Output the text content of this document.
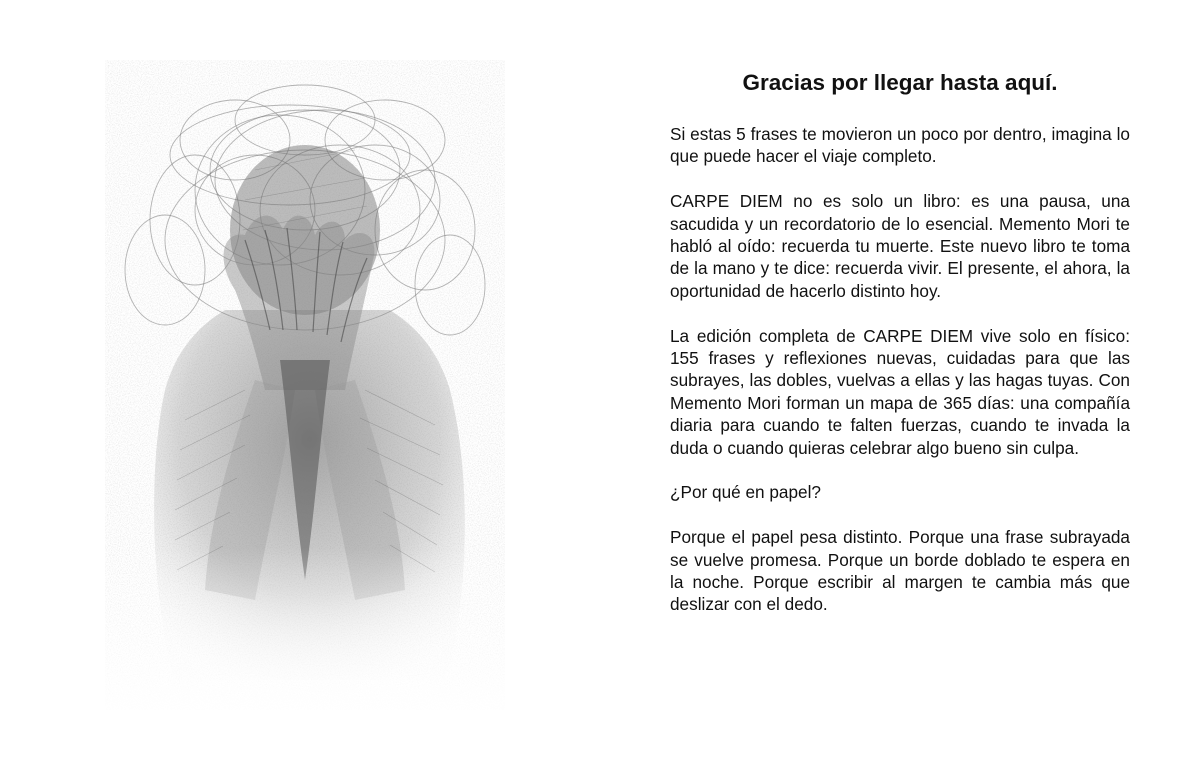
Gracias por llegar hasta aquí.

Si estas 5 frases te movieron un poco por dentro, imagina lo que puede hacer el viaje completo.

CARPE DIEM no es solo un libro: es una pausa, una sacudida y un recordatorio de lo esencial. Memento Mori te habló al oído: recuerda tu muerte. Este nuevo libro te toma de la mano y te dice: recuerda vivir. El presente, el ahora, la oportunidad de hacerlo distinto hoy.

La edición completa de CARPE DIEM vive solo en físico: 155 frases y reflexiones nuevas, cuidadas para que las subrayes, las dobles, vuelvas a ellas y las hagas tuyas. Con Memento Mori forman un mapa de 365 días: una compañía diaria para cuando te falten fuerzas, cuando te invada la duda o cuando quieras celebrar algo bueno sin culpa.

¿Por qué en papel?

Porque el papel pesa distinto. Porque una frase subrayada se vuelve promesa. Porque un borde doblado te espera en la noche. Porque escribir al margen te cambia más que deslizar con el dedo.
